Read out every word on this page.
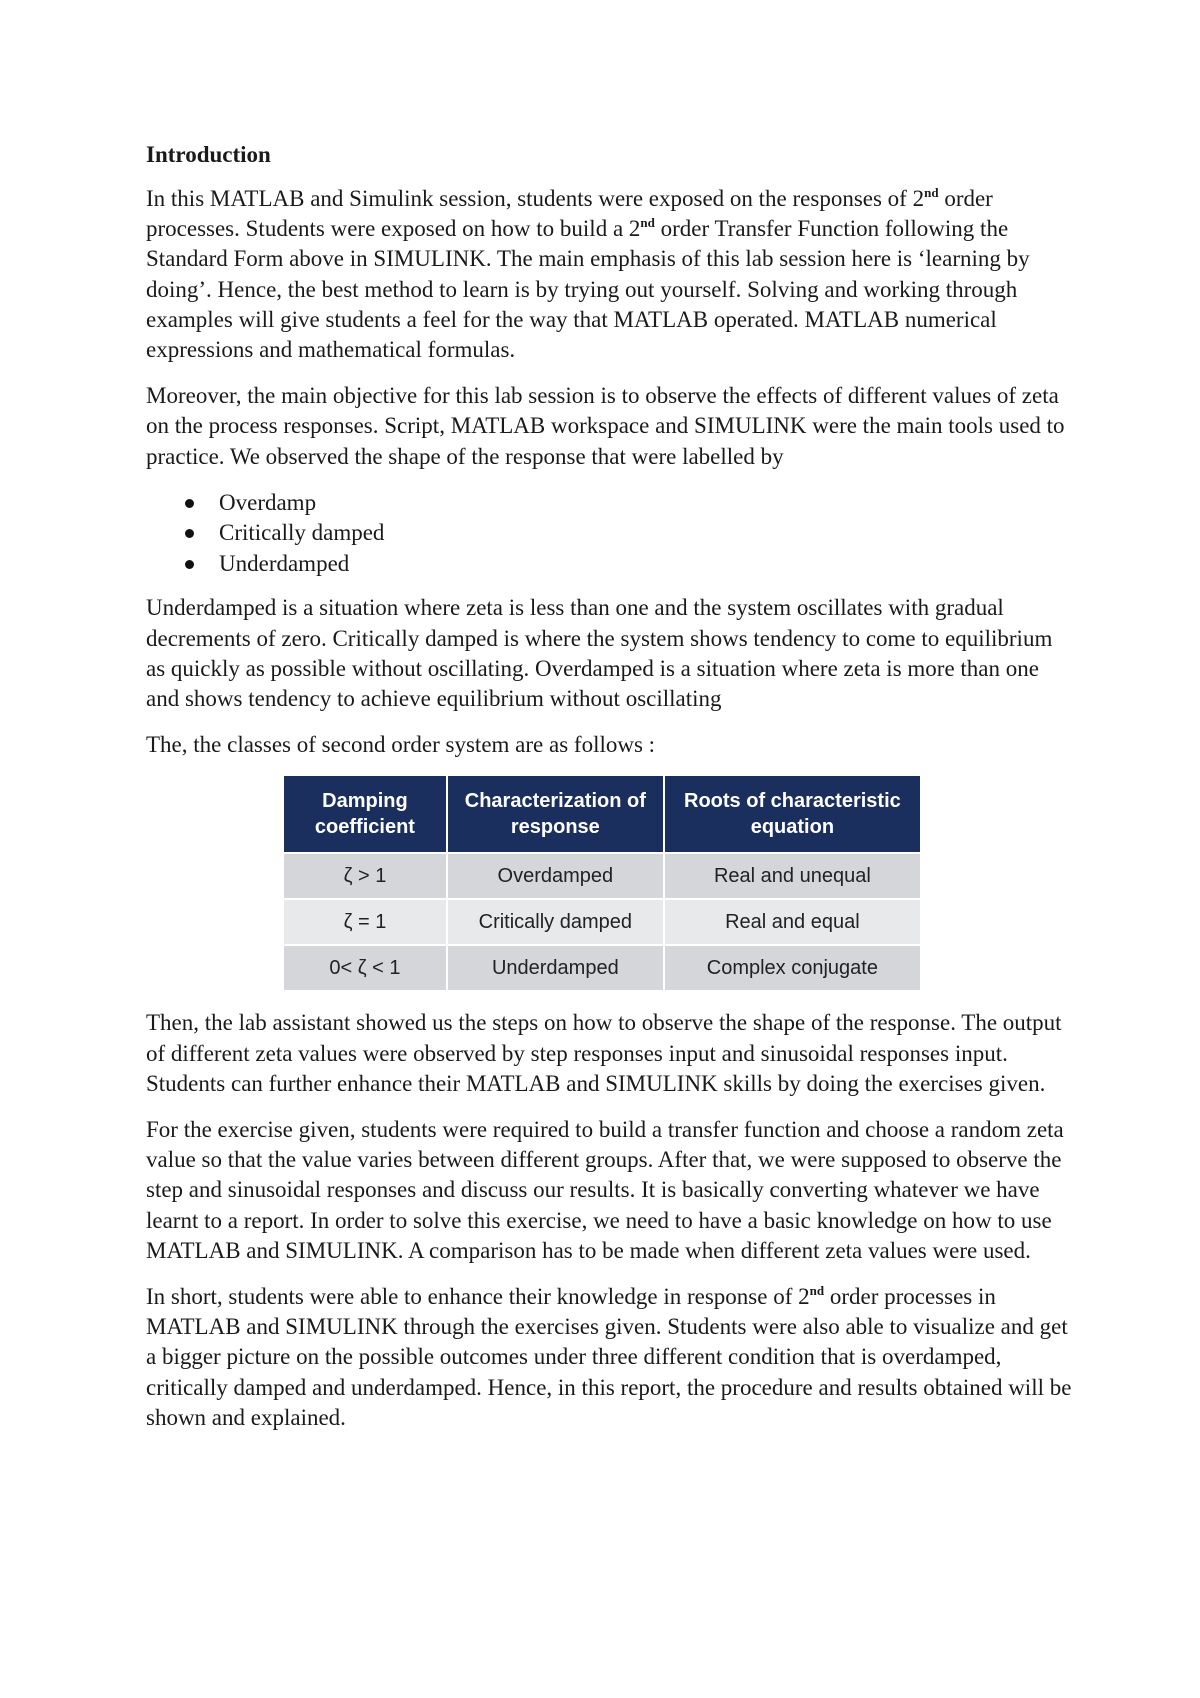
Introduction

In this MATLAB and Simulink session, students were exposed on the responses of 2nd order processes. Students were exposed on how to build a 2nd order Transfer Function following the Standard Form above in SIMULINK. The main emphasis of this lab session here is ‘learning by doing’. Hence, the best method to learn is by trying out yourself. Solving and working through examples will give students a feel for the way that MATLAB operated. MATLAB numerical expressions and mathematical formulas.

Moreover, the main objective for this lab session is to observe the effects of different values of zeta on the process responses. Script, MATLAB workspace and SIMULINK were the main tools used to practice. We observed the shape of the response that were labelled by

Overdamp
Critically damped
Underdamped

Underdamped is a situation where zeta is less than one and the system oscillates with gradual decrements of zero. Critically damped is where the system shows tendency to come to equilibrium as quickly as possible without oscillating. Overdamped is a situation where zeta is more than one and shows tendency to achieve equilibrium without oscillating

The, the classes of second order system are as follows :

Damping coefficient	Characterization of response	Roots of characteristic equation
ζ > 1	Overdamped	Real and unequal
ζ = 1	Critically damped	Real and equal
0< ζ < 1	Underdamped	Complex conjugate

Then, the lab assistant showed us the steps on how to observe the shape of the response. The output of different zeta values were observed by step responses input and sinusoidal responses input. Students can further enhance their MATLAB and SIMULINK skills by doing the exercises given.

For the exercise given, students were required to build a transfer function and choose a random zeta value so that the value varies between different groups. After that, we were supposed to observe the step and sinusoidal responses and discuss our results. It is basically converting whatever we have learnt to a report. In order to solve this exercise, we need to have a basic knowledge on how to use MATLAB and SIMULINK. A comparison has to be made when different zeta values were used.

In short, students were able to enhance their knowledge in response of 2nd order processes in MATLAB and SIMULINK through the exercises given. Students were also able to visualize and get a bigger picture on the possible outcomes under three different condition that is overdamped, critically damped and underdamped. Hence, in this report, the procedure and results obtained will be shown and explained.
